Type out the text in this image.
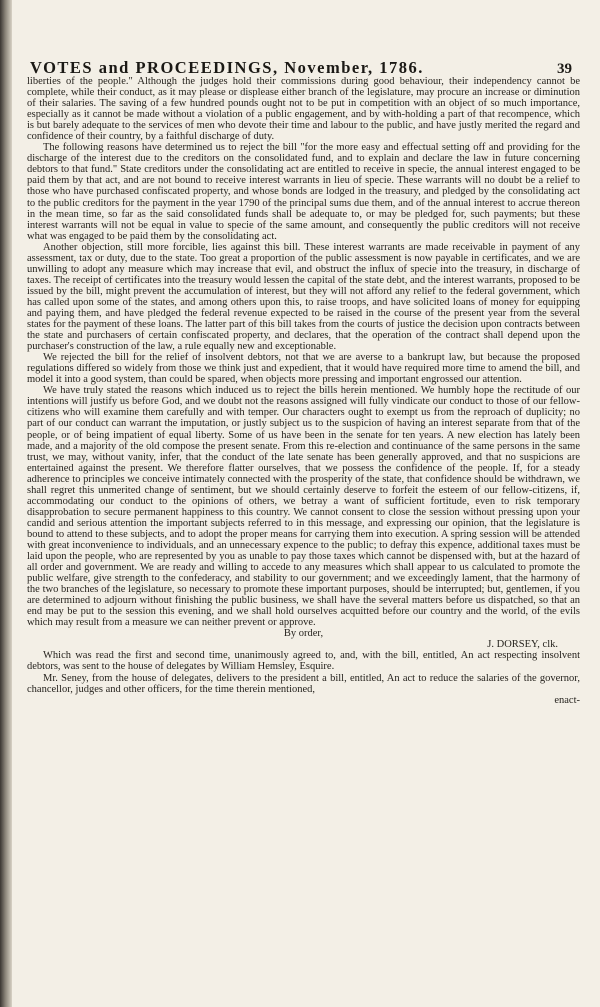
VOTES and PROCEEDINGS, November, 1786.	39

liberties of the people." Although the judges hold their commissions during good behaviour, their independency cannot be complete, while their conduct, as it may please or displease either branch of the legislature, may procure an increase or diminution of their salaries. The saving of a few hundred pounds ought not to be put in competition with an object of so much importance, especially as it cannot be made without a violation of a public engagement, and by with-holding a part of that recompence, which is but barely adequate to the services of men who devote their time and labour to the public, and have justly merited the regard and confidence of their country, by a faithful discharge of duty.

The following reasons have determined us to reject the bill "for the more easy and effectual setting off and providing for the discharge of the interest due to the creditors on the consolidated fund, and to explain and declare the law in future concerning debtors to that fund." State creditors under the consolidating act are entitled to receive in specie, the annual interest engaged to be paid them by that act, and are not bound to receive interest warrants in lieu of specie. These warrants will no doubt be a relief to those who have purchased confiscated property, and whose bonds are lodged in the treasury, and pledged by the consolidating act to the public creditors for the payment in the year 1790 of the principal sums due them, and of the annual interest to accrue thereon in the mean time, so far as the said consolidated funds shall be adequate to, or may be pledged for, such payments; but these interest warrants will not be equal in value to specie of the same amount, and consequently the public creditors will not receive what was engaged to be paid them by the consolidating act.

Another objection, still more forcible, lies against this bill. These interest warrants are made receivable in payment of any assessment, tax or duty, due to the state. Too great a proportion of the public assessment is now payable in certificates, and we are unwilling to adopt any measure which may increase that evil, and obstruct the influx of specie into the treasury, in discharge of taxes. The receipt of certificates into the treasury would lessen the capital of the state debt, and the interest warrants, proposed to be issued by the bill, might prevent the accumulation of interest, but they will not afford any relief to the federal government, which has called upon some of the states, and among others upon this, to raise troops, and have solicited loans of money for equipping and paying them, and have pledged the federal revenue expected to be raised in the course of the present year from the several states for the payment of these loans. The latter part of this bill takes from the courts of justice the decision upon contracts between the state and purchasers of certain confiscated property, and declares, that the operation of the contract shall depend upon the purchaser's construction of the law, a rule equally new and exceptionable.

We rejected the bill for the relief of insolvent debtors, not that we are averse to a bankrupt law, but because the proposed regulations differed so widely from those we think just and expedient, that it would have required more time to amend the bill, and model it into a good system, than could be spared, when objects more pressing and important engrossed our attention.

We have truly stated the reasons which induced us to reject the bills herein mentioned. We humbly hope the rectitude of our intentions will justify us before God, and we doubt not the reasons assigned will fully vindicate our conduct to those of our fellow-citizens who will examine them carefully and with temper. Our characters ought to exempt us from the reproach of duplicity; no part of our conduct can warrant the imputation, or justly subject us to the suspicion of having an interest separate from that of the people, or of being impatient of equal liberty. Some of us have been in the senate for ten years. A new election has lately been made, and a majority of the old compose the present senate. From this re-election and continuance of the same persons in the same trust, we may, without vanity, infer, that the conduct of the late senate has been generally approved, and that no suspicions are entertained against the present. We therefore flatter ourselves, that we possess the confidence of the people. If, for a steady adherence to principles we conceive intimately connected with the prosperity of the state, that confidence should be withdrawn, we shall regret this unmerited change of sentiment, but we should certainly deserve to forfeit the esteem of our fellow-citizens, if, accommodating our conduct to the opinions of others, we betray a want of sufficient fortitude, even to risk temporary disapprobation to secure permanent happiness to this country. We cannot consent to close the session without pressing upon your candid and serious attention the important subjects referred to in this message, and expressing our opinion, that the legislature is bound to attend to these subjects, and to adopt the proper means for carrying them into execution. A spring session will be attended with great inconvenience to individuals, and an unnecessary expence to the public; to defray this expence, additional taxes must be laid upon the people, who are represented by you as unable to pay those taxes which cannot be dispensed with, but at the hazard of all order and government. We are ready and willing to accede to any measures which shall appear to us calculated to promote the public welfare, give strength to the confederacy, and stability to our government; and we exceedingly lament, that the harmony of the two branches of the legislature, so necessary to promote these important purposes, should be interrupted; but, gentlemen, if you are determined to adjourn without finishing the public business, we shall have the several matters before us dispatched, so that an end may be put to the session this evening, and we shall hold ourselves acquitted before our country and the world, of the evils which may result from a measure we can neither prevent or approve.

By order,

J. DORSEY, clk.

Which was read the first and second time, unanimously agreed to, and, with the bill, entitled, An act respecting insolvent debtors, was sent to the house of delegates by William Hemsley, Esquire.

Mr. Seney, from the house of delegates, delivers to the president a bill, entitled, An act to reduce the salaries of the governor, chancellor, judges and other officers, for the time therein mentioned,

enact-
